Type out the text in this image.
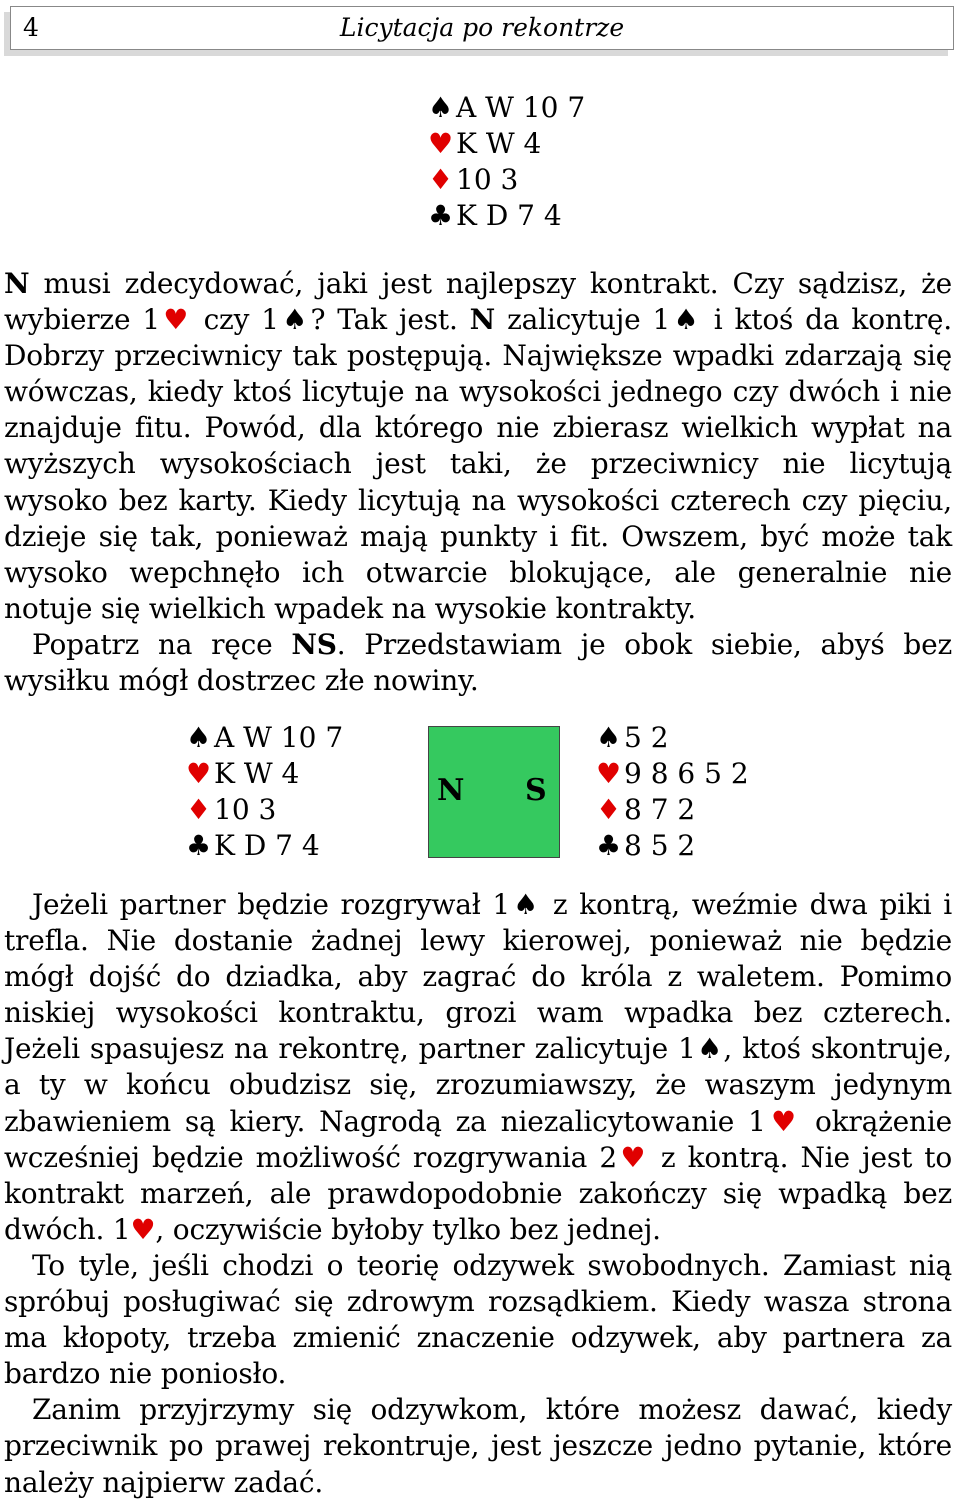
4	Licytacja po rekontrze
♠ A W 10 7
♥ K W 4
♦ 10 3
♣ K D 7 4

N musi zdecydować, jaki jest najlepszy kontrakt. Czy sądzisz, że wybierze 1♥ czy 1♠? Tak jest. N zalicytuje 1♠ i ktoś da kontrę. Dobrzy przeciwnicy tak postępują. Największe wpadki zdarzają się wówczas, kiedy ktoś licytuje na wysokości jednego czy dwóch i nie znajduje fitu. Powód, dla którego nie zbierasz wielkich wypłat na wyższych wysokościach jest taki, że przeciwnicy nie licytują wysoko bez karty. Kiedy licytują na wysokości czterech czy pięciu, dzieje się tak, ponieważ mają punkty i fit. Owszem, być może tak wysoko wepchnęło ich otwarcie blokujące, ale generalnie nie notuje się wielkich wpadek na wysokie kontrakty.

Popatrz na ręce NS. Przedstawiam je obok siebie, abyś bez wysiłku mógł dostrzec złe nowiny.

♠ A W 10 7
♥ K W 4
♦ 10 3
♣ K D 7 4
N S
♠ 5 2
♥ 9 8 6 5 2
♦ 8 7 2
♣ 8 5 2

Jeżeli partner będzie rozgrywał 1♠ z kontrą, weźmie dwa piki i trefla. Nie dostanie żadnej lewy kierowej, ponieważ nie będzie mógł dojść do dziadka, aby zagrać do króla z waletem. Pomimo niskiej wysokości kontraktu, grozi wam wpadka bez czterech. Jeżeli spasujesz na rekontrę, partner zalicytuje 1♠, ktoś skontruje, a ty w końcu obudzisz się, zrozumiawszy, że waszym jedynym zbawieniem są kiery. Nagrodą za niezalicytowanie 1♥ okrążenie wcześniej będzie możliwość rozgrywania 2♥ z kontrą. Nie jest to kontrakt marzeń, ale prawdopodobnie zakończy się wpadką bez dwóch. 1♥, oczywiście byłoby tylko bez jednej.

To tyle, jeśli chodzi o teorię odzywek swobodnych. Zamiast nią spróbuj posługiwać się zdrowym rozsądkiem. Kiedy wasza strona ma kłopoty, trzeba zmienić znaczenie odzywek, aby partnera za bardzo nie poniosło.

Zanim przyjrzymy się odzywkom, które możesz dawać, kiedy przeciwnik po prawej rekontruje, jest jeszcze jedno pytanie, które należy najpierw zadać.
